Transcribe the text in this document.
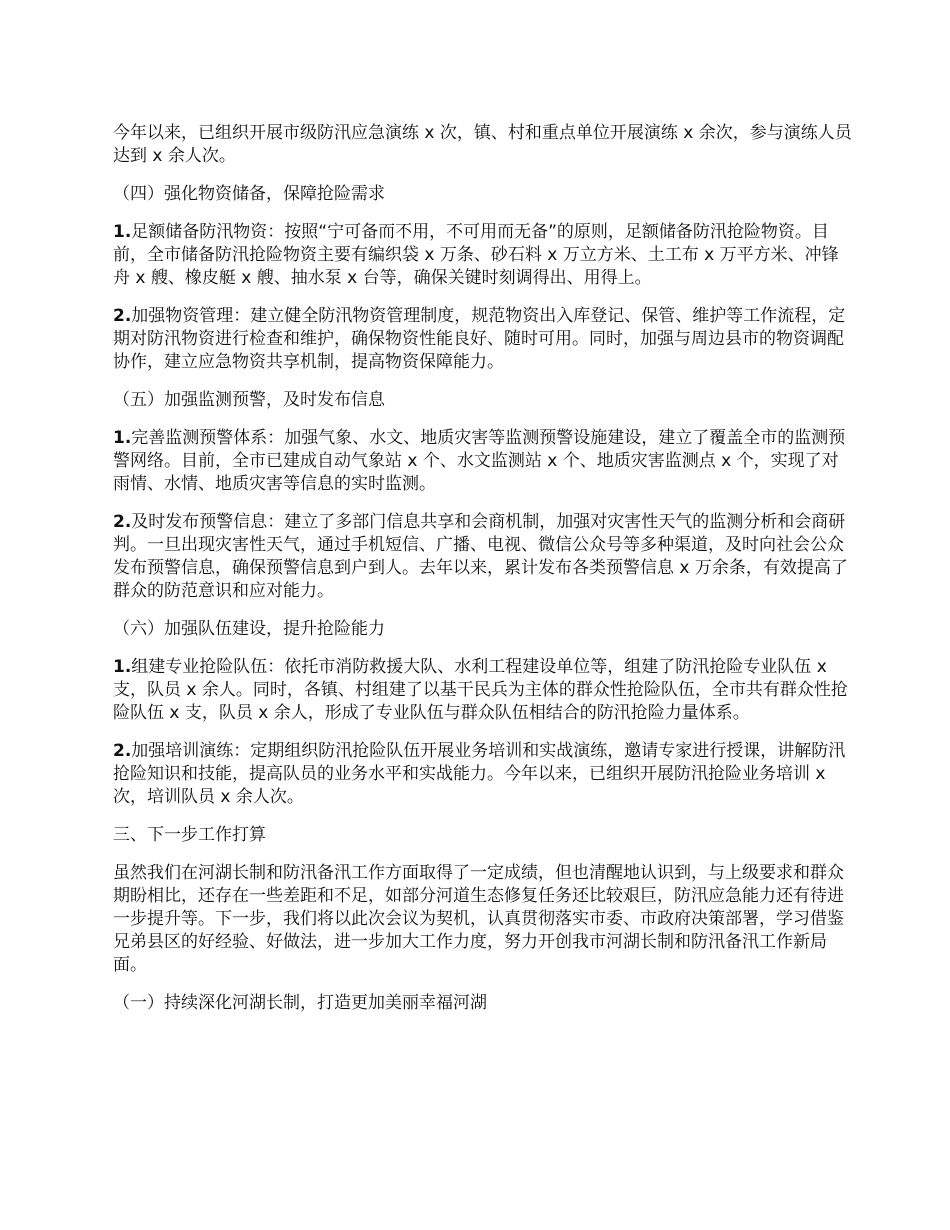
今年以来，已组织开展市级防汛应急演练 x 次，镇、村和重点单位开展演练 x 余次，参与演练人员达到 x 余人次。

（四）强化物资储备，保障抢险需求

1.足额储备防汛物资：按照“宁可备而不用，不可用而无备”的原则，足额储备防汛抢险物资。目前，全市储备防汛抢险物资主要有编织袋 x 万条、砂石料 x 万立方米、土工布 x 万平方米、冲锋舟 x 艘、橡皮艇 x 艘、抽水泵 x 台等，确保关键时刻调得出、用得上。

2.加强物资管理：建立健全防汛物资管理制度，规范物资出入库登记、保管、维护等工作流程，定期对防汛物资进行检查和维护，确保物资性能良好、随时可用。同时，加强与周边县市的物资调配协作，建立应急物资共享机制，提高物资保障能力。

（五）加强监测预警，及时发布信息

1.完善监测预警体系：加强气象、水文、地质灾害等监测预警设施建设，建立了覆盖全市的监测预警网络。目前，全市已建成自动气象站 x 个、水文监测站 x 个、地质灾害监测点 x 个，实现了对雨情、水情、地质灾害等信息的实时监测。

2.及时发布预警信息：建立了多部门信息共享和会商机制，加强对灾害性天气的监测分析和会商研判。一旦出现灾害性天气，通过手机短信、广播、电视、微信公众号等多种渠道，及时向社会公众发布预警信息，确保预警信息到户到人。去年以来，累计发布各类预警信息 x 万余条，有效提高了群众的防范意识和应对能力。

（六）加强队伍建设，提升抢险能力

1.组建专业抢险队伍：依托市消防救援大队、水利工程建设单位等，组建了防汛抢险专业队伍 x 支，队员 x 余人。同时，各镇、村组建了以基干民兵为主体的群众性抢险队伍，全市共有群众性抢险队伍 x 支，队员 x 余人，形成了专业队伍与群众队伍相结合的防汛抢险力量体系。

2.加强培训演练：定期组织防汛抢险队伍开展业务培训和实战演练，邀请专家进行授课，讲解防汛抢险知识和技能，提高队员的业务水平和实战能力。今年以来，已组织开展防汛抢险业务培训 x 次，培训队员 x 余人次。

三、下一步工作打算

虽然我们在河湖长制和防汛备汛工作方面取得了一定成绩，但也清醒地认识到，与上级要求和群众期盼相比，还存在一些差距和不足，如部分河道生态修复任务还比较艰巨，防汛应急能力还有待进一步提升等。下一步，我们将以此次会议为契机，认真贯彻落实市委、市政府决策部署，学习借鉴兄弟县区的好经验、好做法，进一步加大工作力度，努力开创我市河湖长制和防汛备汛工作新局面。

（一）持续深化河湖长制，打造更加美丽幸福河湖
